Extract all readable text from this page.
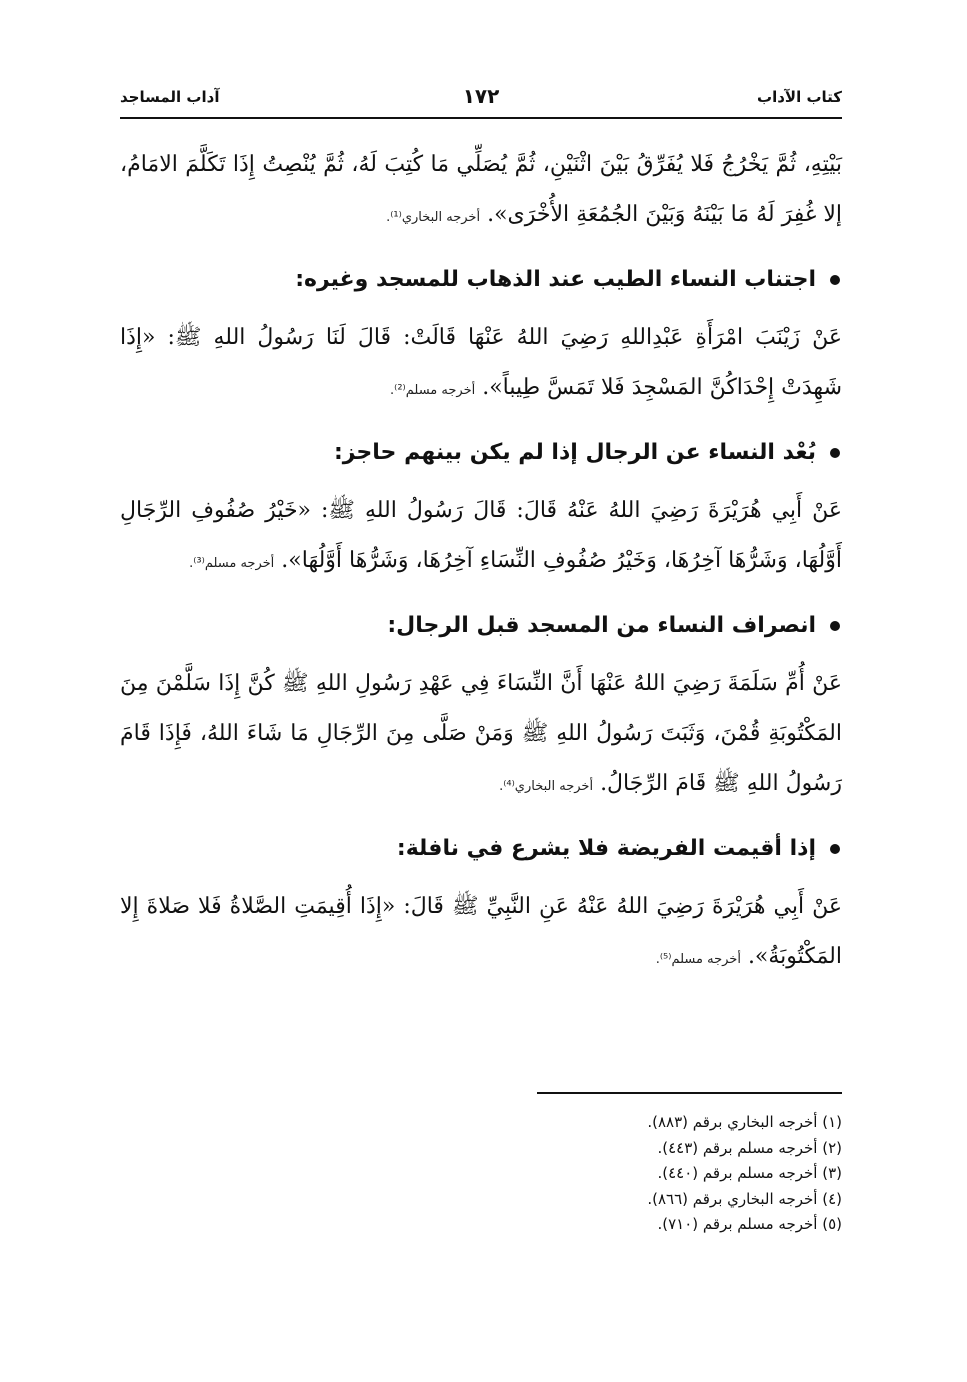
كتاب الآداب
١٧٢
آداب المساجد

بَيْتِهِ، ثُمَّ يَخْرُجُ فَلا يُفَرِّقُ بَيْنَ اثْنَيْنِ، ثُمَّ يُصَلِّي مَا كُتِبَ لَهُ، ثُمَّ يُنْصِتُ إِذَا تَكَلَّمَ الامَامُ، إلا غُفِرَ لَهُ مَا بَيْنَهُ وَبَيْنَ الجُمُعَةِ الأُخْرَى». أخرجه البخاري⁽¹⁾.

اجتناب النساء الطيب عند الذهاب للمسجد وغيره:

عَنْ زَيْنَبَ امْرَأَةِ عَبْدِاللهِ رَضِيَ اللهُ عَنْهَا قَالَتْ: قَالَ لَنَا رَسُولُ اللهِ ﷺ: «إِذَا شَهِدَتْ إِحْدَاكُنَّ المَسْجِدَ فَلا تَمَسَّ طِيباً». أخرجه مسلم⁽²⁾.

بُعْد النساء عن الرجال إذا لم يكن بينهم حاجز:

عَنْ أَبِي هُرَيْرَةَ رَضِيَ اللهُ عَنْهُ قَالَ: قَالَ رَسُولُ اللهِ ﷺ: «خَيْرُ صُفُوفِ الرِّجَالِ أَوَّلُهَا، وَشَرُّهَا آخِرُهَا، وَخَيْرُ صُفُوفِ النِّسَاءِ آخِرُهَا، وَشَرُّهَا أَوَّلُهَا». أخرجه مسلم⁽³⁾.

انصراف النساء من المسجد قبل الرجال:

عَنْ أُمِّ سَلَمَةَ رَضِيَ اللهُ عَنْهَا أَنَّ النِّسَاءَ فِي عَهْدِ رَسُولِ اللهِ ﷺ كُنَّ إِذَا سَلَّمْنَ مِنَ المَكْتُوبَةِ قُمْنَ، وَثَبَتَ رَسُولُ اللهِ ﷺ وَمَنْ صَلَّى مِنَ الرِّجَالِ مَا شَاءَ اللهُ، فَإِذَا قَامَ رَسُولُ اللهِ ﷺ قَامَ الرِّجَالُ. أخرجه البخاري⁽⁴⁾.

إذا أقيمت الفريضة فلا يشرع في نافلة:

عَنْ أَبِي هُرَيْرَةَ رَضِيَ اللهُ عَنْهُ عَنِ النَّبِيِّ ﷺ قَالَ: «إِذَا أُقِيمَتِ الصَّلاةُ فَلا صَلاةَ إِلا المَكْتُوبَةُ». أخرجه مسلم⁽⁵⁾.

(١) أخرجه البخاري برقم (٨٨٣).
(٢) أخرجه مسلم برقم (٤٤٣).
(٣) أخرجه مسلم برقم (٤٤٠).
(٤) أخرجه البخاري برقم (٨٦٦).
(٥) أخرجه مسلم برقم (٧١٠).
